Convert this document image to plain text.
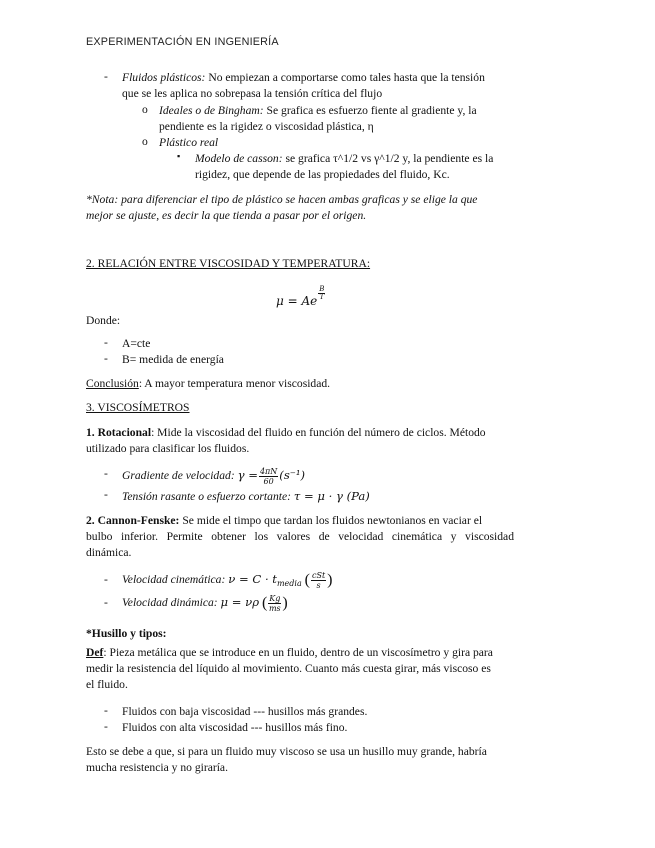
EXPERIMENTACIÓN EN INGENIERÍA
- Fluidos plásticos: No empiezan a comportarse como tales hasta que la tensión
que se les aplica no sobrepasa la tensión crítica del flujo
o Ideales o de Bingham: Se grafica es esfuerzo fiente al gradiente y, la
pendiente es la rigidez o viscosidad plástica, η
o Plástico real
▪ Modelo de casson: se grafica τ^1/2 vs γ^1/2 y, la pendiente es la
rigidez, que depende de las propiedades del fluido, Kc.
*Nota: para diferenciar el tipo de plástico se hacen ambas graficas y se elige la que
mejor se ajuste, es decir la que tienda a pasar por el origen.
2. RELACIÓN ENTRE VISCOSIDAD Y TEMPERATURA:
μ = Ae $\frac{B}{T}$
Donde:
- A=cte
- B= medida de energía
Conclusión: A mayor temperatura menor viscosidad.
3. VISCOSÍMETROS
1. Rotacional: Mide la viscosidad del fluido en función del número de ciclos. Método
utilizado para clasificar los fluidos.
- Gradiente de velocidad: $\gamma = \frac{4\pi N}{60} (s^{-1})$
- Tensión rasante o esfuerzo cortante: τ = μ · γ (Pa)
2. Cannon-Fenske: Se mide el timpo que tardan los fluidos newtonianos en vaciar el
bulbo inferior. Permite obtener los valores de velocidad cinemática y viscosidad
dinámica.
- Velocidad cinemática: $\nu = C \cdot t_{media}$ ( $\frac{\text{cSt}}{s}$ )
- Velocidad dinámica: μ = νρ ( $\frac{Kg}{ms}$ )
*Husillo y tipos:
Def: Pieza metálica que se introduce en un fluido, dentro de un viscosímetro y gira para
medir la resistencia del líquido al movimiento. Cuanto más cuesta girar, más viscoso es
el fluido.
- Fluidos con baja viscosidad --- husillos más grandes.
- Fluidos con alta viscosidad --- husillos más fino.
Esto se debe a que, si para un fluido muy viscoso se usa un husillo muy grande, habría
mucha resistencia y no giraría.
